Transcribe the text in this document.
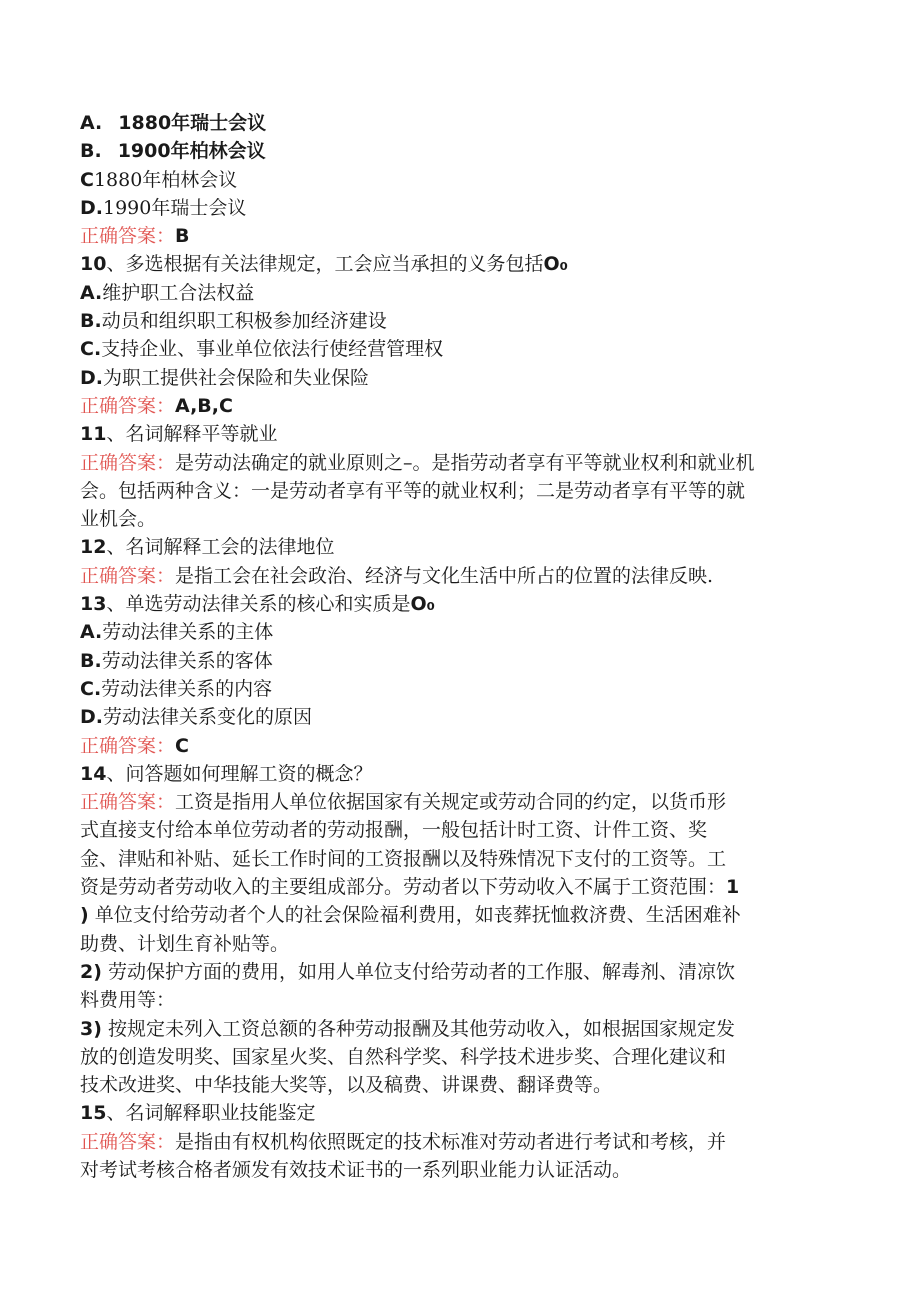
A. 1880年瑞士会议
B. 1900年柏林会议
C1880年柏林会议
D.1990年瑞士会议
正确答案：B
10、多选根据有关法律规定，工会应当承担的义务包括O₀
A.维护职工合法权益
B.动员和组织职工积极参加经济建设
C.支持企业、事业单位依法行使经营管理权
D.为职工提供社会保险和失业保险
正确答案：A,B,C
11、名词解释平等就业
正确答案：是劳动法确定的就业原则之–。是指劳动者享有平等就业权利和就业机
会。包括两种含义：一是劳动者享有平等的就业权利；二是劳动者享有平等的就
业机会。
12、名词解释工会的法律地位
正确答案：是指工会在社会政治、经济与文化生活中所占的位置的法律反映.
13、单选劳动法律关系的核心和实质是O₀
A.劳动法律关系的主体
B.劳动法律关系的客体
C.劳动法律关系的内容
D.劳动法律关系变化的原因
正确答案：C
14、问答题如何理解工资的概念？
正确答案：工资是指用人单位依据国家有关规定或劳动合同的约定，以货币形
式直接支付给本单位劳动者的劳动报酬，一般包括计时工资、计件工资、奖
金、津贴和补贴、延长工作时间的工资报酬以及特殊情况下支付的工资等。工
资是劳动者劳动收入的主要组成部分。劳动者以下劳动收入不属于工资范围：1
) 单位支付给劳动者个人的社会保险福利费用，如丧葬抚恤救济费、生活困难补
助费、计划生育补贴等。
2) 劳动保护方面的费用，如用人单位支付给劳动者的工作服、解毒剂、清凉饮
料费用等：
3) 按规定未列入工资总额的各种劳动报酬及其他劳动收入，如根据国家规定发
放的创造发明奖、国家星火奖、自然科学奖、科学技术进步奖、合理化建议和
技术改进奖、中华技能大奖等，以及稿费、讲课费、翻译费等。
15、名词解释职业技能鉴定
正确答案：是指由有权机构依照既定的技术标准对劳动者进行考试和考核，并
对考试考核合格者颁发有效技术证书的一系列职业能力认证活动。
